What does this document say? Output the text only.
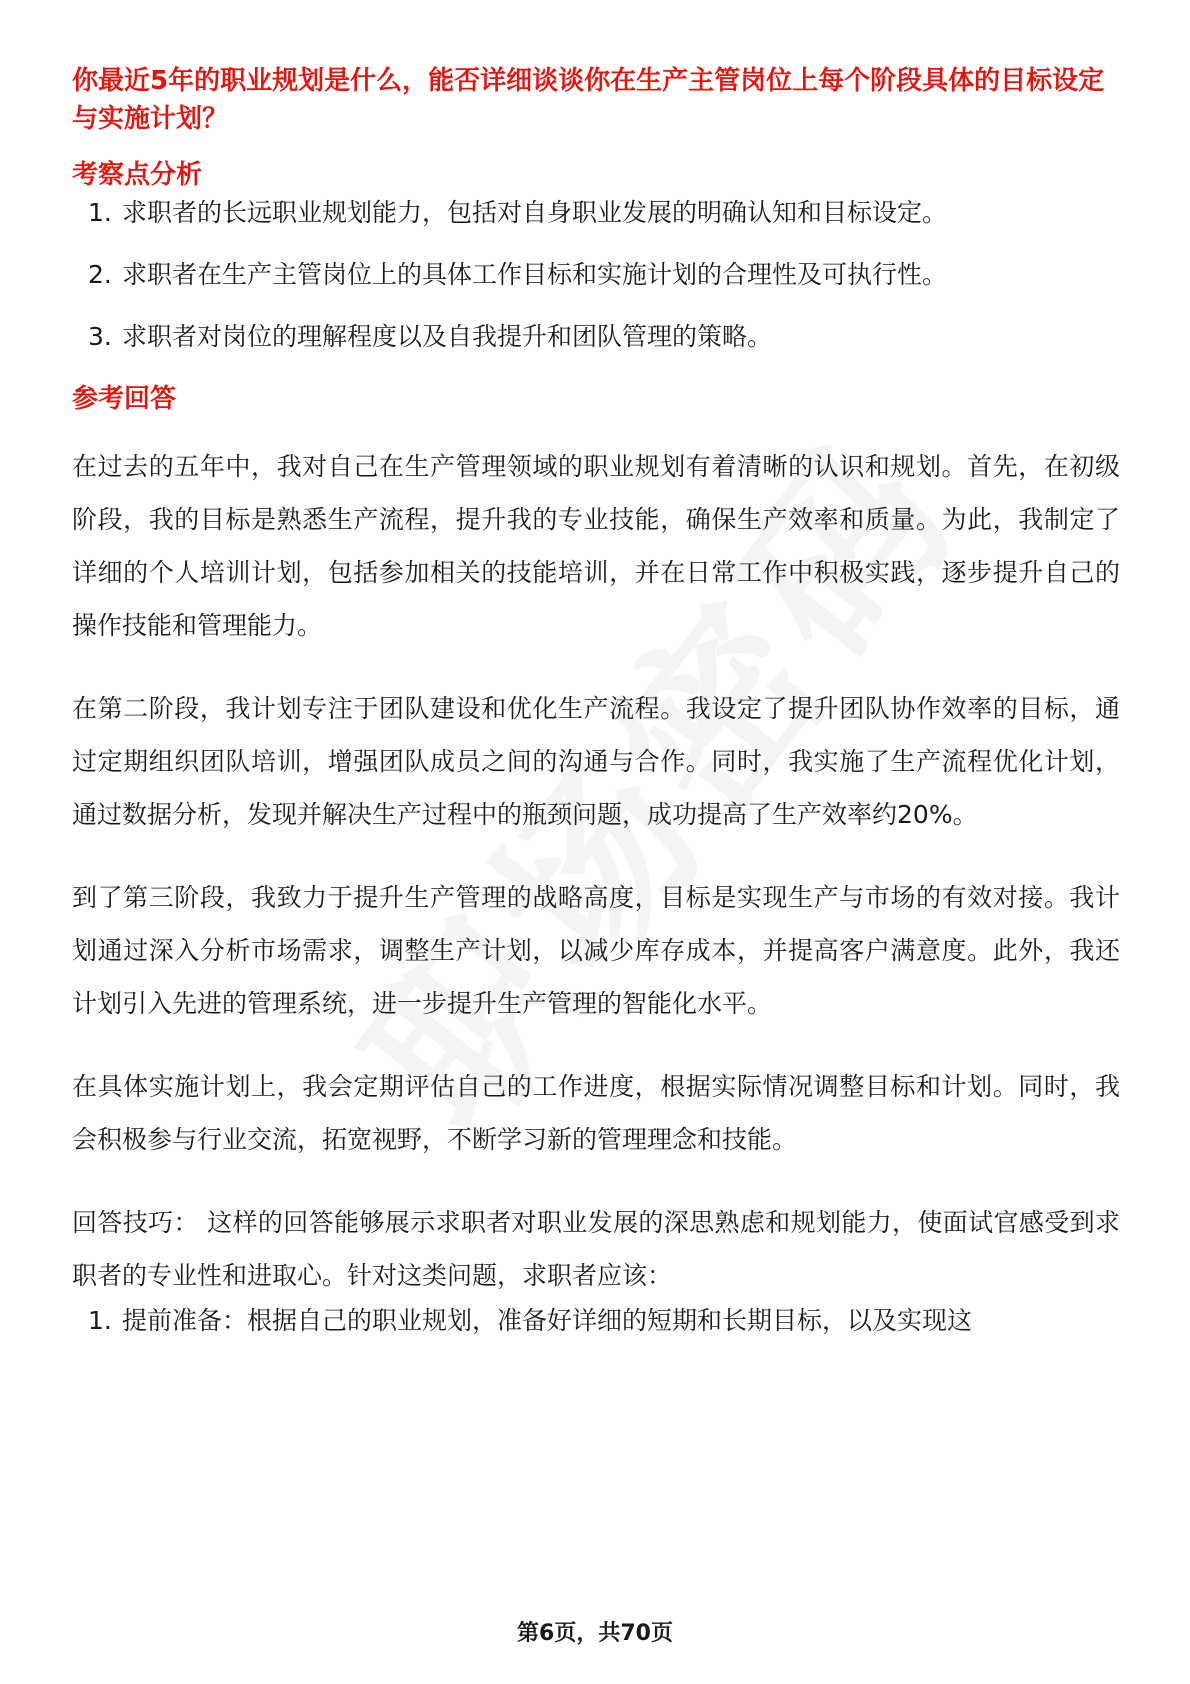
你最近5年的职业规划是什么，能否详细谈谈你在生产主管岗位上每个阶段具体的目标设定与实施计划？

考察点分析
1. 求职者的长远职业规划能力，包括对自身职业发展的明确认知和目标设定。
2. 求职者在生产主管岗位上的具体工作目标和实施计划的合理性及可执行性。
3. 求职者对岗位的理解程度以及自我提升和团队管理的策略。
参考回答

在过去的五年中，我对自己在生产管理领域的职业规划有着清晰的认识和规划。首先，在初级阶段，我的目标是熟悉生产流程，提升我的专业技能，确保生产效率和质量。为此，我制定了详细的个人培训计划，包括参加相关的技能培训，并在日常工作中积极实践，逐步提升自己的操作技能和管理能力。

在第二阶段，我计划专注于团队建设和优化生产流程。我设定了提升团队协作效率的目标，通过定期组织团队培训，增强团队成员之间的沟通与合作。同时，我实施了生产流程优化计划，通过数据分析，发现并解决生产过程中的瓶颈问题，成功提高了生产效率约20%。

到了第三阶段，我致力于提升生产管理的战略高度，目标是实现生产与市场的有效对接。我计划通过深入分析市场需求，调整生产计划，以减少库存成本，并提高客户满意度。此外，我还计划引入先进的管理系统，进一步提升生产管理的智能化水平。

在具体实施计划上，我会定期评估自己的工作进度，根据实际情况调整目标和计划。同时，我会积极参与行业交流，拓宽视野，不断学习新的管理理念和技能。

回答技巧： 这样的回答能够展示求职者对职业发展的深思熟虑和规划能力，使面试官感受到求职者的专业性和进取心。针对这类问题，求职者应该：

1. 提前准备：根据自己的职业规划，准备好详细的短期和长期目标，以及实现这
第6页，共70页
